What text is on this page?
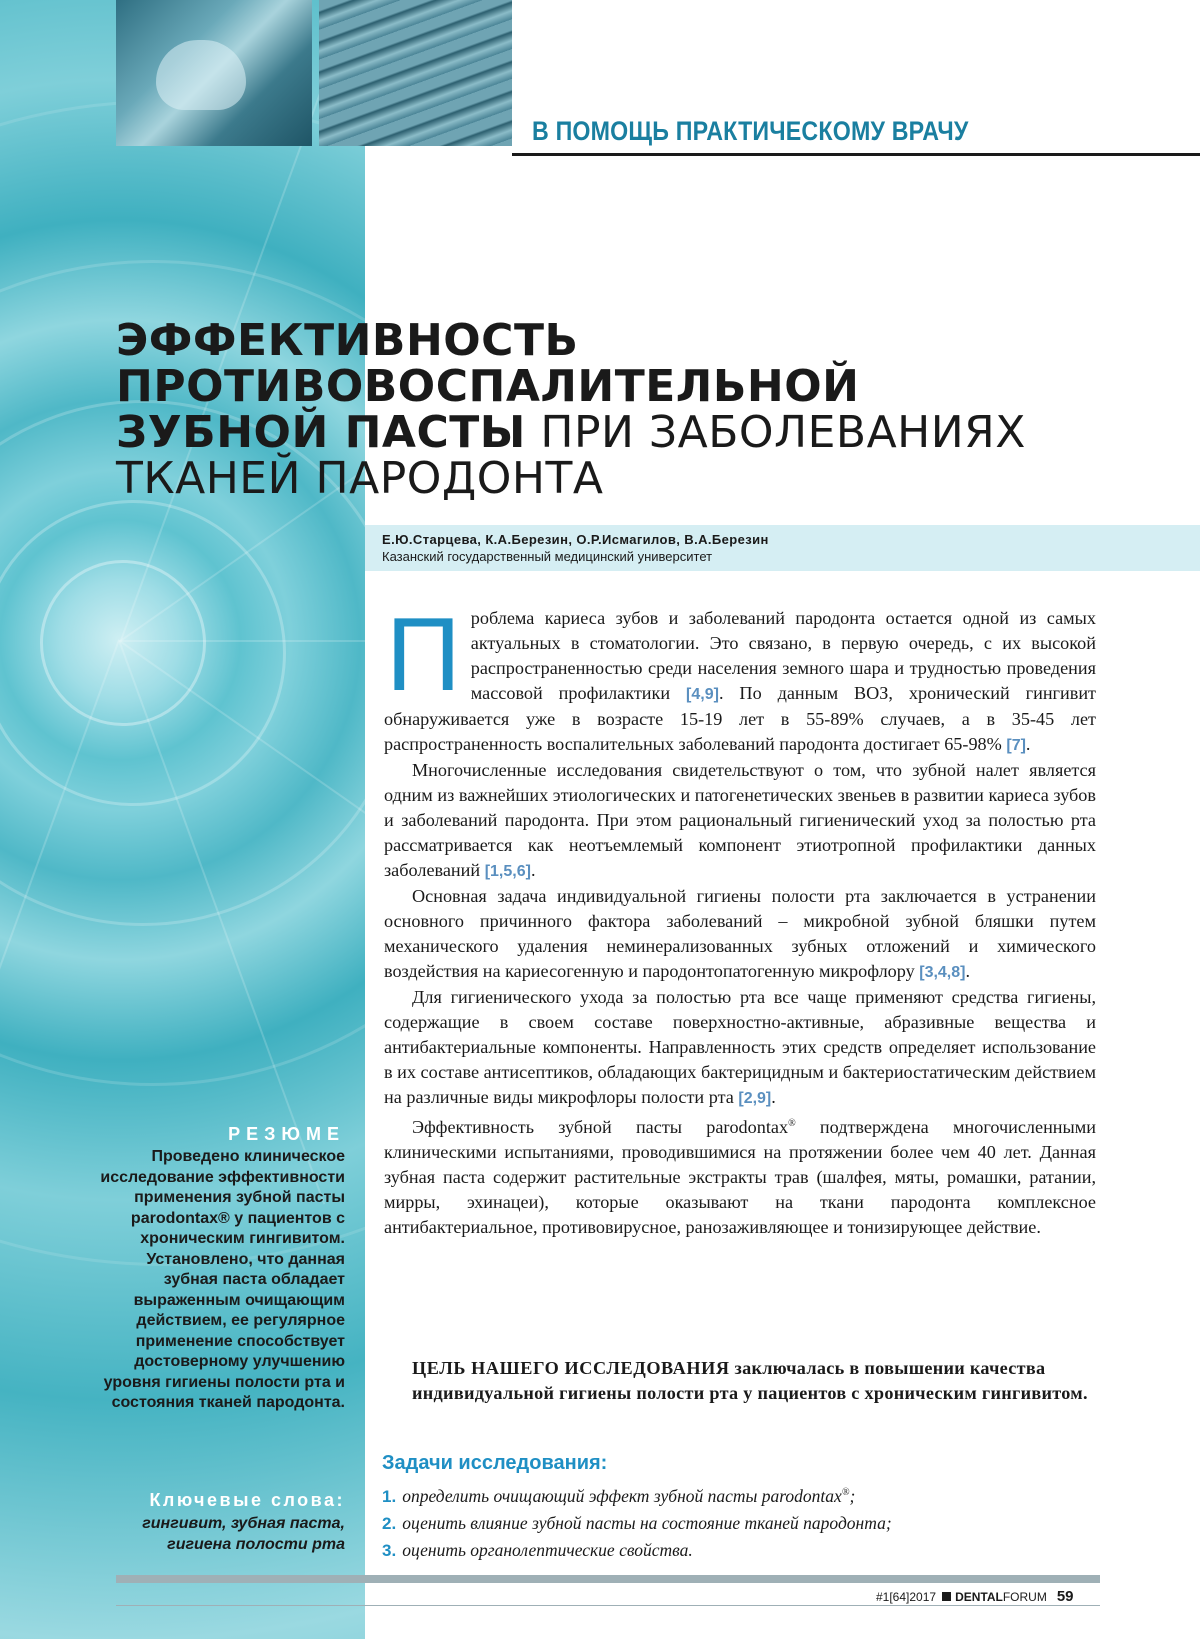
В ПОМОЩЬ ПРАКТИЧЕСКОМУ ВРАЧУ
ЭФФЕКТИВНОСТЬ
ПРОТИВОВОСПАЛИТЕЛЬНОЙ
ЗУБНОЙ ПАСТЫ ПРИ ЗАБОЛЕВАНИЯХ
ТКАНЕЙ ПАРОДОНТА
Е.Ю.Старцева, К.А.Березин, О.Р.Исмагилов, В.А.Березин
Казанский государственный медицинский университет

Проблема кариеса зубов и заболеваний пародонта остается одной из самых актуальных в стоматологии. Это связано, в первую очередь, с их высокой распространенностью среди населения земного шара и трудностью проведения массовой профилактики [4,9]. По данным ВОЗ, хронический гингивит обнаруживается уже в возрасте 15-19 лет в 55-89% случаев, а в 35-45 лет распространенность воспалительных заболеваний пародонта достигает 65-98% [7].

Многочисленные исследования свидетельствуют о том, что зубной налет является одним из важнейших этиологических и патогенетических звеньев в развитии кариеса зубов и заболеваний пародонта. При этом рациональный гигиенический уход за полостью рта рассматривается как неотъемлемый компонент этиотропной профилактики данных заболеваний [1,5,6].

Основная задача индивидуальной гигиены полости рта заключается в устранении основного причинного фактора заболеваний – микробной зубной бляшки путем механического удаления неминерализованных зубных отложений и химического воздействия на кариесогенную и пародонтопатогенную микрофлору [3,4,8].

Для гигиенического ухода за полостью рта все чаще применяют средства гигиены, содержащие в своем составе поверхностно-активные, абразивные вещества и антибактериальные компоненты. Направленность этих средств определяет использование в их составе антисептиков, обладающих бактерицидным и бактериостатическим действием на различные виды микрофлоры полости рта [2,9].

Эффективность зубной пасты parodontax® подтверждена многочисленными клиническими испытаниями, проводившимися на протяжении более чем 40 лет. Данная зубная паста содержит растительные экстракты трав (шалфея, мяты, ромашки, ратании, мирры, эхинацеи), которые оказывают на ткани пародонта комплексное антибактериальное, противовирусное, ранозаживляющее и тонизирующее действие.

ЦЕЛЬ НАШЕГО ИССЛЕДОВАНИЯ заключалась в повышении качества индивидуальной гигиены полости рта у пациентов с хроническим гингивитом.
Задачи исследования:
1. определить очищающий эффект зубной пасты parodontax®;
2. оценить влияние зубной пасты на состояние тканей пародонта;
3. оценить органолептические свойства.
РЕЗЮМЕ
Проведено клиническое исследование эффективности применения зубной пасты parodontax® у пациентов с хроническим гингивитом. Установлено, что данная зубная паста обладает выраженным очищающим действием, ее регулярное применение способствует достоверному улучшению уровня гигиены полости рта и состояния тканей пародонта.
Ключевые слова:
гингивит, зубная паста, гигиена полости рта
#1[64]2017 DENTALFORUM 59
